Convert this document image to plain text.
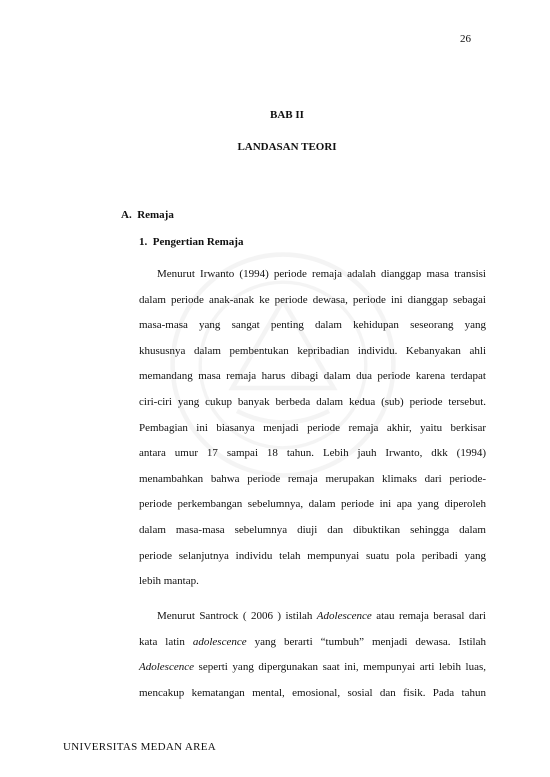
26
BAB II
LANDASAN TEORI
A.  Remaja
1.  Pengertian Remaja
Menurut Irwanto (1994) periode remaja adalah dianggap masa transisi
dalam periode anak-anak ke periode dewasa, periode ini dianggap sebagai
masa-masa yang sangat penting dalam kehidupan seseorang yang
khususnya dalam pembentukan kepribadian individu. Kebanyakan ahli
memandang masa remaja harus dibagi dalam dua periode karena terdapat
ciri-ciri yang cukup banyak berbeda dalam kedua (sub) periode tersebut.
Pembagian ini biasanya menjadi periode remaja akhir, yaitu berkisar
antara umur 17 sampai 18 tahun. Lebih jauh Irwanto, dkk (1994)
menambahkan bahwa periode remaja merupakan klimaks dari periode-
periode perkembangan sebelumnya, dalam periode ini apa yang diperoleh
dalam masa-masa sebelumnya diuji dan dibuktikan sehingga dalam
periode selanjutnya individu telah mempunyai suatu pola peribadi yang
lebih mantap.
Menurut Santrock ( 2006 ) istilah Adolescence atau remaja berasal dari
kata latin adolescence yang berarti “tumbuh” menjadi dewasa. Istilah
Adolescence seperti yang dipergunakan saat ini, mempunyai arti lebih luas,
mencakup kematangan mental, emosional, sosial dan fisik. Pada tahun
UNIVERSITAS MEDAN AREA
